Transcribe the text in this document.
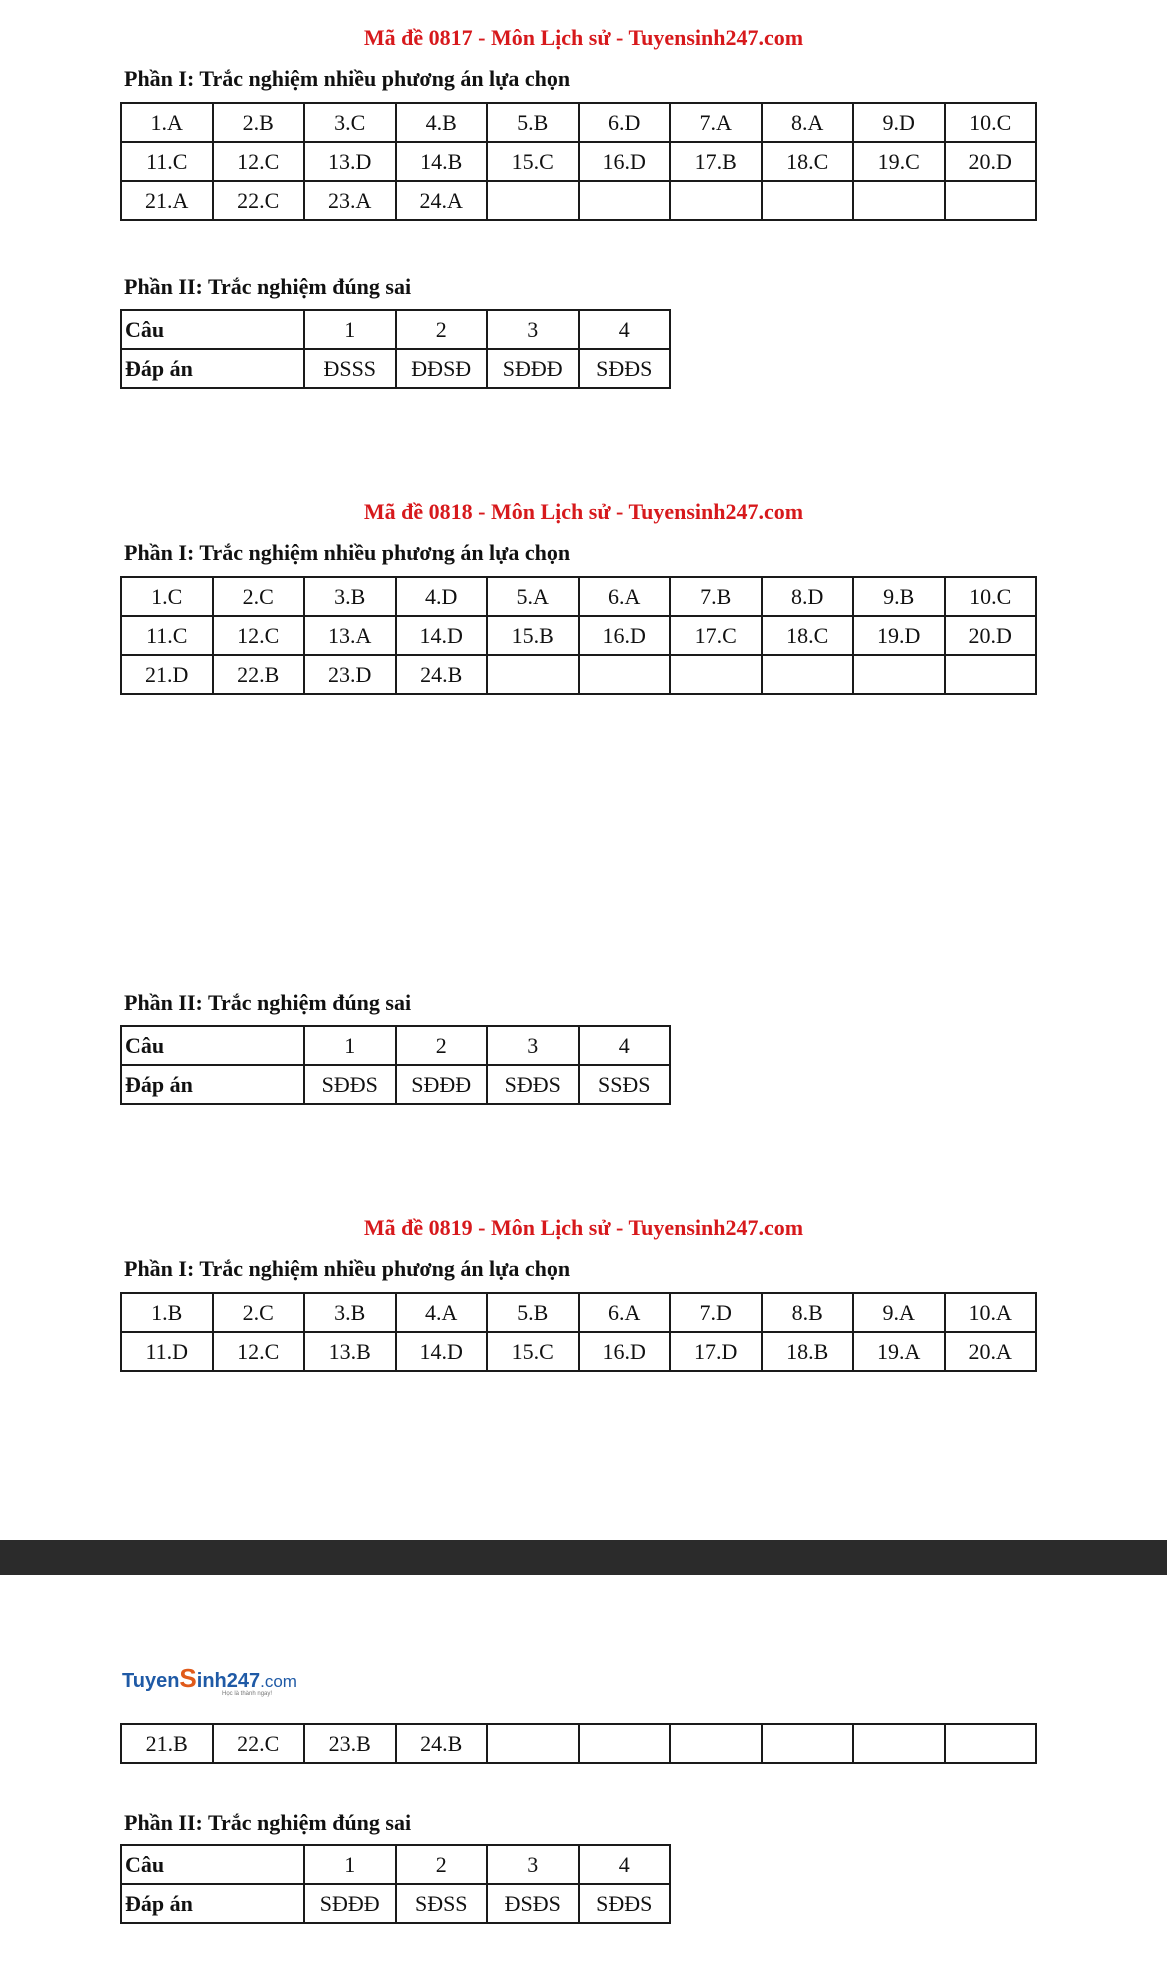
Mã đề 0817 - Môn Lịch sử - Tuyensinh247.com
Phần I: Trắc nghiệm nhiều phương án lựa chọn
1.A	2.B	3.C	4.B	5.B	6.D	7.A	8.A	9.D	10.C
11.C	12.C	13.D	14.B	15.C	16.D	17.B	18.C	19.C	20.D
21.A	22.C	23.A	24.A						
Phần II: Trắc nghiệm đúng sai
Câu	1	2	3	4
Đáp án	ĐSSS	ĐĐSĐ	SĐĐĐ	SĐĐS
Mã đề 0818 - Môn Lịch sử - Tuyensinh247.com
Phần I: Trắc nghiệm nhiều phương án lựa chọn
1.C	2.C	3.B	4.D	5.A	6.A	7.B	8.D	9.B	10.C
11.C	12.C	13.A	14.D	15.B	16.D	17.C	18.C	19.D	20.D
21.D	22.B	23.D	24.B						
Phần II: Trắc nghiệm đúng sai
Câu	1	2	3	4
Đáp án	SĐĐS	SĐĐĐ	SĐĐS	SSĐS
Mã đề 0819 - Môn Lịch sử - Tuyensinh247.com
Phần I: Trắc nghiệm nhiều phương án lựa chọn
1.B	2.C	3.B	4.A	5.B	6.A	7.D	8.B	9.A	10.A
11.D	12.C	13.B	14.D	15.C	16.D	17.D	18.B	19.A	20.A
TuyenSinh247.com
Học là thành ngay!
21.B	22.C	23.B	24.B						
Phần II: Trắc nghiệm đúng sai
Câu	1	2	3	4
Đáp án	SĐĐĐ	SĐSS	ĐSĐS	SĐĐS
